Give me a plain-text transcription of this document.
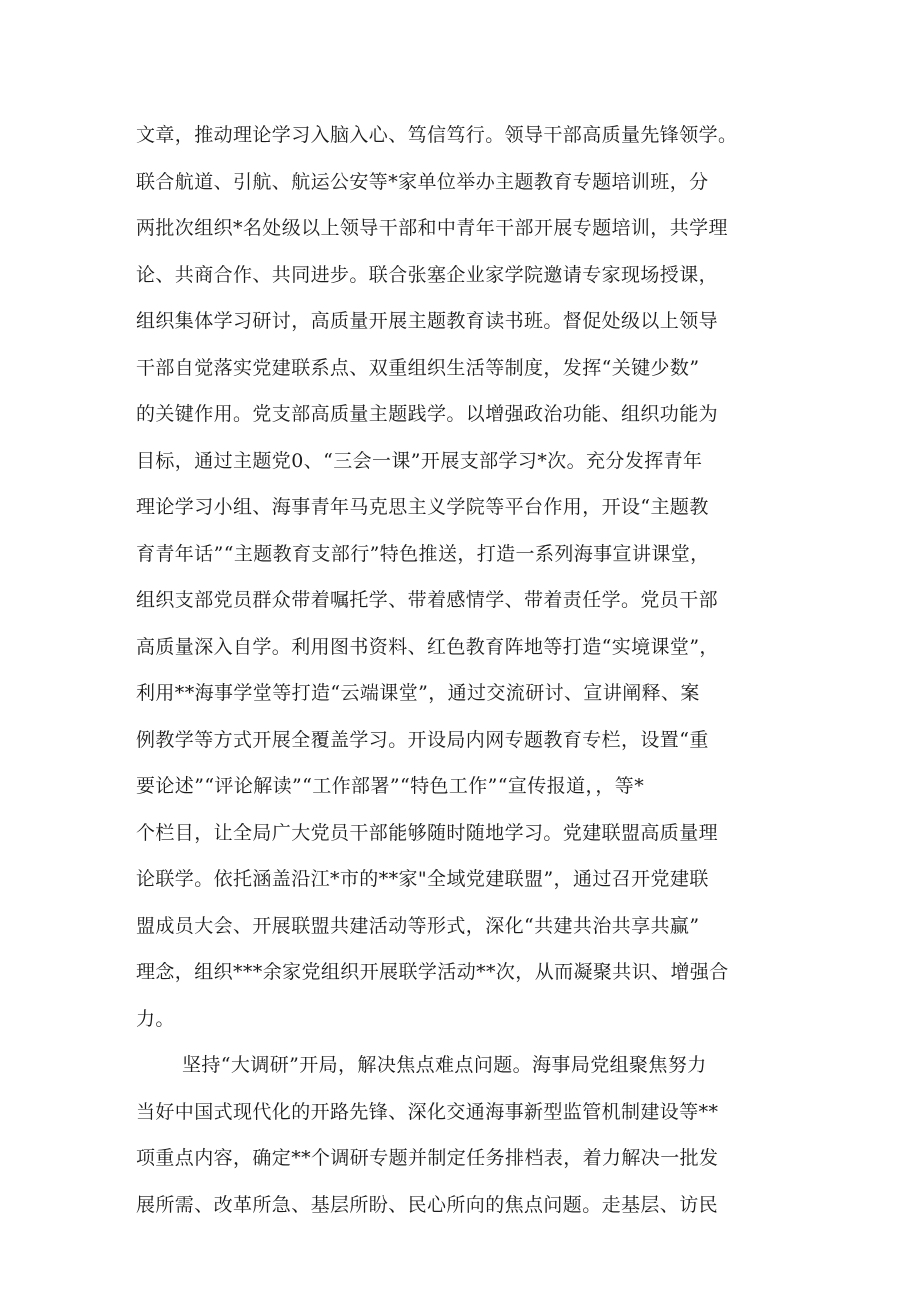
文章，推动理论学习入脑入心、笃信笃行。领导干部高质量先锋领学。
联合航道、引航、航运公安等*家单位举办主题教育专题培训班，分
两批次组织*名处级以上领导干部和中青年干部开展专题培训，共学理
论、共商合作、共同进步。联合张塞企业家学院邀请专家现场授课，
组织集体学习研讨，高质量开展主题教育读书班。督促处级以上领导
干部自觉落实党建联系点、双重组织生活等制度，发挥“关键少数”
的关键作用。党支部高质量主题践学。以增强政治功能、组织功能为
目标，通过主题党0、“三会一课”开展支部学习*次。充分发挥青年
理论学习小组、海事青年马克思主义学院等平台作用，开设“主题教
育青年话”“主题教育支部行”特色推送，打造一系列海事宣讲课堂，
组织支部党员群众带着嘱托学、带着感情学、带着责任学。党员干部
高质量深入自学。利用图书资料、红色教育阵地等打造“实境课堂”，
利用**海事学堂等打造“云端课堂”，通过交流研讨、宣讲阐释、案
例教学等方式开展全覆盖学习。开设局内网专题教育专栏，设置“重
要论述”“评论解读”“工作部署”“特色工作”“宣传报道，，等*
个栏目，让全局广大党员干部能够随时随地学习。党建联盟高质量理
论联学。依托涵盖沿江*市的**家"全域党建联盟”，通过召开党建联
盟成员大会、开展联盟共建活动等形式，深化“共建共治共享共赢”
理念，组织***余家党组织开展联学活动**次，从而凝聚共识、增强合
力。

坚持“大调研”开局，解决焦点难点问题。海事局党组聚焦努力
当好中国式现代化的开路先锋、深化交通海事新型监管机制建设等**
项重点内容，确定**个调研专题并制定任务排档表，着力解决一批发
展所需、改革所急、基层所盼、民心所向的焦点问题。走基层、访民
